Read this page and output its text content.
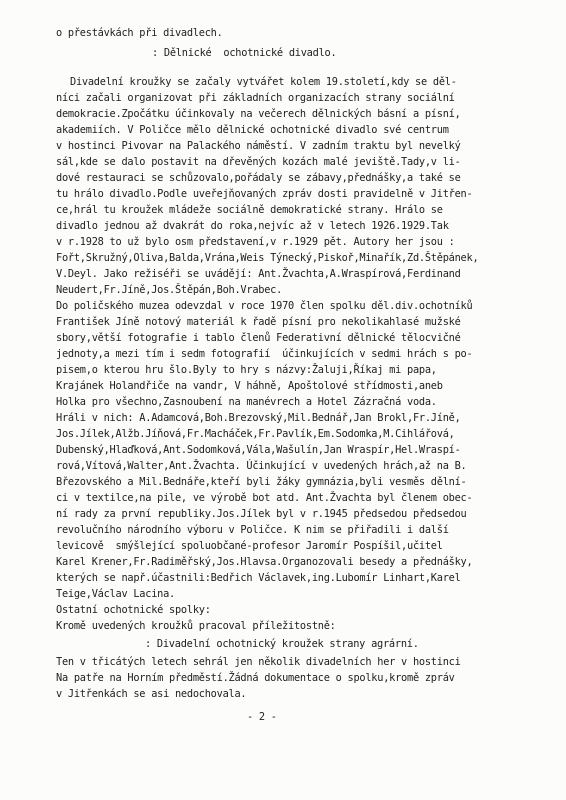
o přestávkách při divadlech.
: Dělnické  ochotnické divadlo.
Divadelní kroužky se začaly vytvářet kolem 19.století,kdy se děl-
níci začali organizovat při základních organizacích strany sociální
demokracie.Zpočátku účinkovaly na večerech dělnických básní a písní,
akademiích. V Poličce mělo dělnické ochotnické divadlo své centrum
v hostinci Pivovar na Palackého náměstí. V zadním traktu byl nevelký
sál,kde se dalo postavit na dřevěných kozách malé jeviště.Tady,v li-
dové restauraci se schůzovalo,pořádaly se zábavy,přednášky,a také se
tu hrálo divadlo.Podle uveřejňovaných zpráv dosti pravidelně v Jitřen-
ce,hrál tu kroužek mládeže sociálně demokratické strany. Hrálo se
divadlo jednou až dvakrát do roka,nejvíc až v letech 1926.1929.Tak
v r.1928 to už bylo osm představení,v r.1929 pět. Autory her jsou :
Fořt,Skružný,Oliva,Balda,Vrána,Weis Týnecký,Piskoř,Minařík,Zd.Štěpánek,
V.Deyl. Jako režiséři se uvádějí: Ant.Žvachta,A.Wraspírová,Ferdinand
Neudert,Fr.Jíně,Jos.Štěpán,Boh.Vrabec.
Do poličského muzea odevzdal v roce 1970 člen spolku děl.div.ochotníků
František Jíně notový materiál k řadě písní pro nekolikahlasé mužské
sbory,větší fotografie i tablo členů Federativní dělnické tělocvičné
jednoty,a mezi tím i sedm fotografií  účinkujících v sedmi hrách s po-
pisem,o kterou hru šlo.Byly to hry s názvy:Žaluji,Říkaj mi papa,
Krajánek Holandřiče na vandr, V háhně, Apoštolové střídmosti,aneb
Holka pro všechno,Zasnoubení na manévrech a Hotel Zázračná voda.
Hráli v nich: A.Adamcová,Boh.Brezovský,Mil.Bednář,Jan Brokl,Fr.Jíně,
Jos.Jílek,Alžb.Jíňová,Fr.Macháček,Fr.Pavlík,Em.Sodomka,M.Cihlářová,
Dubenský,Hlaďková,Ant.Sodomková,Vála,Wašulín,Jan Wraspír,Hel.Wraspí-
rová,Vítová,Walter,Ant.Žvachta. Účinkující v uvedených hrách,až na B.
Březovského a Mil.Bednáře,kteří byli žáky gymnázia,byli vesměs dělní-
ci v textilce,na pile, ve výrobě bot atd. Ant.Žvachta byl členem obec-
ní rady za první republiky.Jos.Jílek byl v r.1945 předsedou předsedou
revolučního národního výboru v Poličce. K nim se přiřadili i další
levicově  smýšlející spoluobčané-profesor Jaromír Pospíšil,učitel
Karel Krener,Fr.Radiměřský,Jos.Hlavsa.Organozovali besedy a přednášky,
kterých se např.účastnili:Bedřich Václavek,ing.Lubomír Linhart,Karel
Teige,Václav Lacina.
Ostatní ochotnické spolky:
Kromě uvedených kroužků pracoval příležitostně:
: Divadelní ochotnický kroužek strany agrární.
Ten v třicátých letech sehrál jen několik divadelních her v hostinci
Na patře na Horním předměstí.Žádná dokumentace o spolku,kromě zpráv
v Jitřenkách se asi nedochovala.
- 2 -
